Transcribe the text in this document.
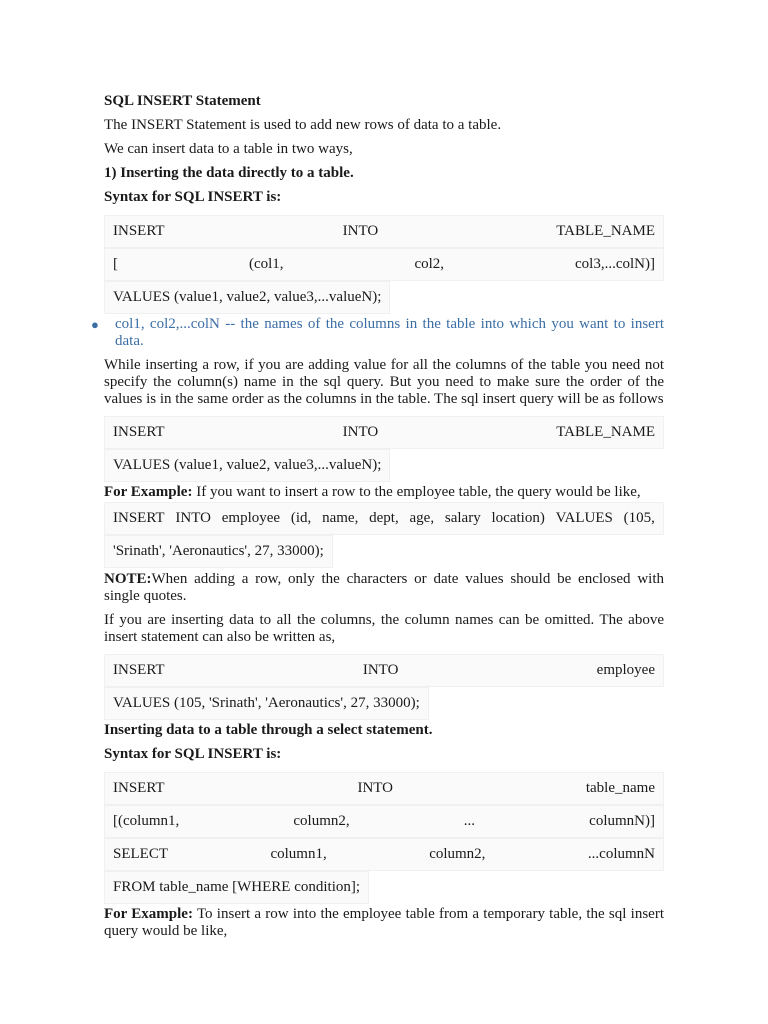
SQL INSERT Statement

The INSERT Statement is used to add new rows of data to a table.

We can insert data to a table in two ways,

1) Inserting the data directly to a table.

Syntax for SQL INSERT is:

INSERT	INTO	TABLE_NAME
[	(col1,	col2,	col3,...colN)]
VALUES (value1, value2, value3,...valueN);
● col1, col2,...colN -- the names of the columns in the table into which you want to insert data.

While inserting a row, if you are adding value for all the columns of the table you need not specify the column(s) name in the sql query. But you need to make sure the order of the values is in the same order as the columns in the table. The sql insert query will be as follows

INSERT	INTO	TABLE_NAME
VALUES (value1, value2, value3,...valueN);

For Example: If you want to insert a row to the employee table, the query would be like,

INSERT INTO employee (id, name, dept, age, salary location) VALUES (105,
'Srinath', 'Aeronautics', 27, 33000);

NOTE:When adding a row, only the characters or date values should be enclosed with single quotes.

If you are inserting data to all the columns, the column names can be omitted. The above insert statement can also be written as,

INSERT	INTO	employee
VALUES (105, 'Srinath', 'Aeronautics', 27, 33000);

Inserting data to a table through a select statement.

Syntax for SQL INSERT is:

INSERT	INTO	table_name
[(column1,	column2,	...	columnN)]
SELECT	column1,	column2,	...columnN
FROM table_name [WHERE condition];

For Example: To insert a row into the employee table from a temporary table, the sql insert query would be like,
